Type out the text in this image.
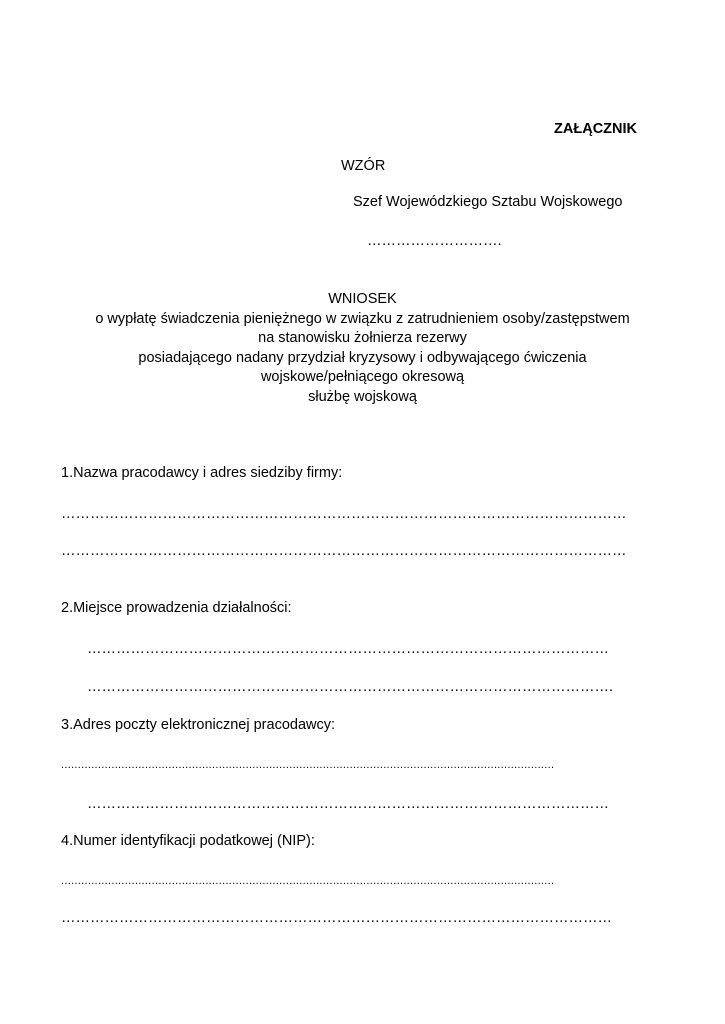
ZAŁĄCZNIK
WZÓR
Szef Wojewódzkiego Sztabu Wojskowego
……………………….
WNIOSEK
o wypłatę świadczenia pieniężnego w związku z zatrudnieniem osoby/zastępstwem
na stanowisku żołnierza rezerwy
posiadającego nadany przydział kryzysowy i odbywającego ćwiczenia
wojskowe/pełniącego okresową
służbę wojskową
1.Nazwa pracodawcy i adres siedziby firmy:
………………………………………………………………………………………………………
………………………………………………………………………………………………………
2.Miejsce prowadzenia działalności:
………………………………………………………………………………………………
……………………………………………………………………………………………….
3.Adres poczty elektronicznej pracodawcy:
...................................................................................................................................................
………………………………………………………………………………………………
4.Numer identyfikacji podatkowej (NIP):
...................................................................................................................................................
……………………………………………………………………………………………………
